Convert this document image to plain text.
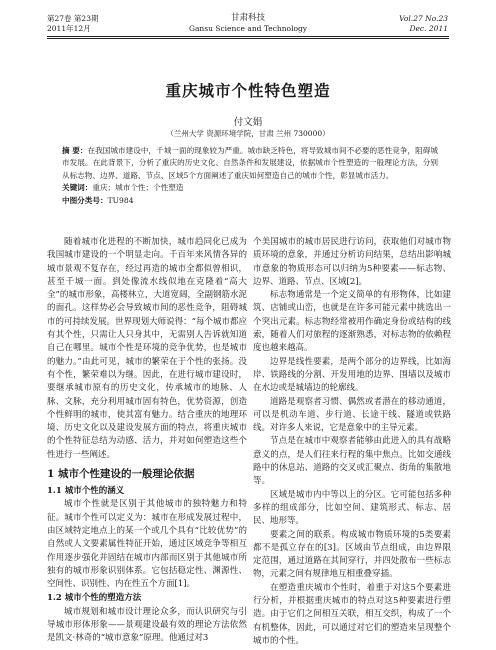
第27卷 第23期
2011年12月
甘肃科技
Gansu Science and Technology
Vol.27 No.23
Dec. 2011
重庆城市个性特色塑造
付文娟
（兰州大学 资源环境学院，甘肃 兰州 730000）

摘 要：在我国城市建设中，千城一面的现象较为严重。城市缺乏特色，将导致城市间不必要的恶性竞争，阻碍城市发展。在此背景下，分析了重庆的历史文化、自然条件和发展建设，依据城市个性塑造的一般理论方法，分别从标志物、边界、道路、节点、区域5个方面阐述了重庆如何塑造自己的城市个性，彰显城市活力。

关键词：重庆；城市个性；个性塑造

中图分类号：TU984

随着城市化进程的不断加快，城市趋同化已成为我国城市建设的一个明显走向。千百年来风情各异的城市景观不复存在，经过再造的城市全都似曾相识，甚至千城一面。到处像流水线似地在克隆着“高大全”的城市形象，高楼林立，大道宽阔，全副钢筋水泥的面孔。这样势必会导致城市间的恶性竞争，阻碍城市的可持续发展。世界现划大师说得：“每个城市都应有其个性，只需让人只身其中，无需别人告诉就知道自己在哪里。城市个性是环境的竞争优势，也是城市的魅力。”由此可见，城市的繁荣在于个性的张扬。没有个性，繁荣难以为继。因此，在进行城市建设时，要继承城市原有的历史文化，传承城市的地脉、人脉、文脉，充分利用城市固有特色，优势资源，创造个性鲜明的城市，使其富有魅力。结合重庆的地理环境、历史文化以及建设发展方面的特点，将重庆城市的个性特征总结为动感、活力，并对如何塑造这些个性进行一些阐述。

1 城市个性建设的一般理论依据
1.1 城市个性的涵义

城市个性就是区别于其他城市的独特魅力和特征。城市个性可以定义为：城市在形成发展过程中，由区域特定地点上的某一个或几个具有“比较优势”的自然或人文要素属性特征开始，通过区域竞争等相互作用逐步强化并固结在城市内部而区别于其他城市所独有的城市形象识别体系。它包括稳定性、渊源性、空间性、识别性、内在性五个方面[1]。

1.2 城市个性的塑造方法

城市规划和城市设计理论众多，而认识研究与引导城市形体形象——景观建设最有效的理论方法依然是凯文·林奇的“城市意象”原理。他通过对3

个美国城市的城市居民进行访问，获取他们对城市物质环境的意象，并通过分析访问结果，总结出影响城市意象的物质形态可以归纳为5种要素——标志物、边界、道路、节点、区域[2]。

标志物通常是一个定义简单的有形物体，比如建筑、店铺或山峦，也就是在许多可能元素中挑选出一个突出元素。标志物经常被用作确定身份或结构的线索，随着人们对旅程的逐渐熟悉，对标志物的依赖程度也越来越高。

边界是线性要素，是两个部分的边界线，比如海岸、铁路线的分割、开发用地的边界、围墙以及城市在水边或是城墙边的轮廓线。

道路是观察者习惯、偶然或者潜在的移动通道，可以是机动车道、步行道、长途干线、隧道或铁路线。对许多人来说，它是意象中的主导元素。

节点是在城市中观察者能够由此进入的具有战略意义的点，是人们往来行程的集中焦点。比如交通线路中的休息站、道路的交叉或汇聚点、街角的集散地等。

区域是城市内中等以上的分区。它可能包括多种多样的组成部分，比如空间、建筑形式、标志、居民、地形等。

要素之间的联系。构成城市物质环境的5类要素都不是孤立存在的[3]。区域由节点组成，由边界限定范围，通过道路在其间穿行，并四处散布一些标志物，元素之间有规律地互相重叠穿插。

在塑造重庆城市个性时，着重于对这5个要素进行分析，并根据重庆城市的特点对这5种要素进行塑造。由于它们之间相互关联，相互交织，构成了一个有机整体，因此，可以通过对它们的塑造来呈现整个城市的个性。
